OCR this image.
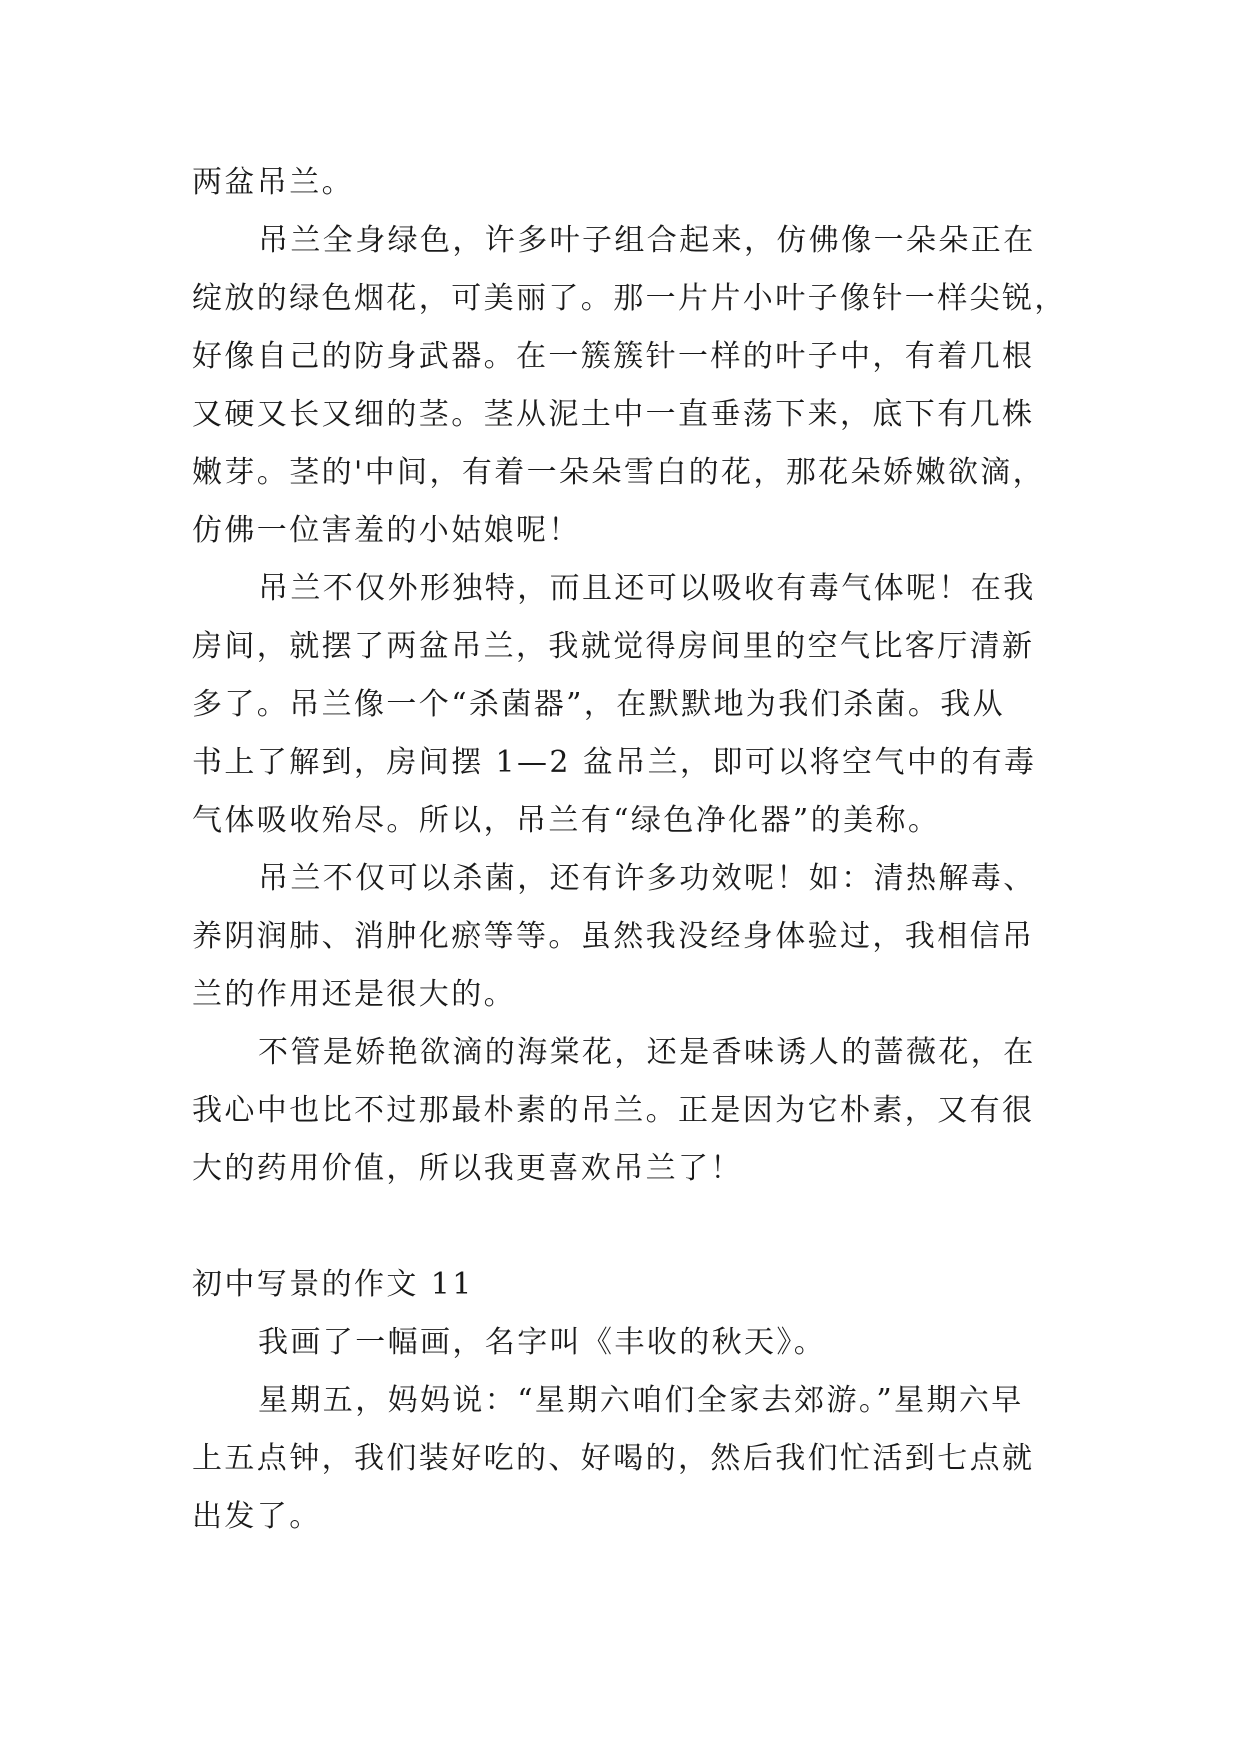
两盆吊兰。
吊兰全身绿色，许多叶子组合起来，仿佛像一朵朵正在
绽放的绿色烟花，可美丽了。那一片片小叶子像针一样尖锐，
好像自己的防身武器。在一簇簇针一样的叶子中，有着几根
又硬又长又细的茎。茎从泥土中一直垂荡下来，底下有几株
嫩芽。茎的'中间，有着一朵朵雪白的花，那花朵娇嫩欲滴，
仿佛一位害羞的小姑娘呢！
吊兰不仅外形独特，而且还可以吸收有毒气体呢！在我
房间，就摆了两盆吊兰，我就觉得房间里的空气比客厅清新
多了。吊兰像一个“杀菌器”，在默默地为我们杀菌。我从
书上了解到，房间摆 1—2 盆吊兰，即可以将空气中的有毒
气体吸收殆尽。所以，吊兰有“绿色净化器”的美称。
吊兰不仅可以杀菌，还有许多功效呢！如：清热解毒、
养阴润肺、消肿化瘀等等。虽然我没经身体验过，我相信吊
兰的作用还是很大的。
不管是娇艳欲滴的海棠花，还是香味诱人的蔷薇花，在
我心中也比不过那最朴素的吊兰。正是因为它朴素，又有很
大的药用价值，所以我更喜欢吊兰了！
初中写景的作文 11
我画了一幅画，名字叫《丰收的秋天》。
星期五，妈妈说：“星期六咱们全家去郊游。”星期六早
上五点钟，我们装好吃的、好喝的，然后我们忙活到七点就
出发了。
